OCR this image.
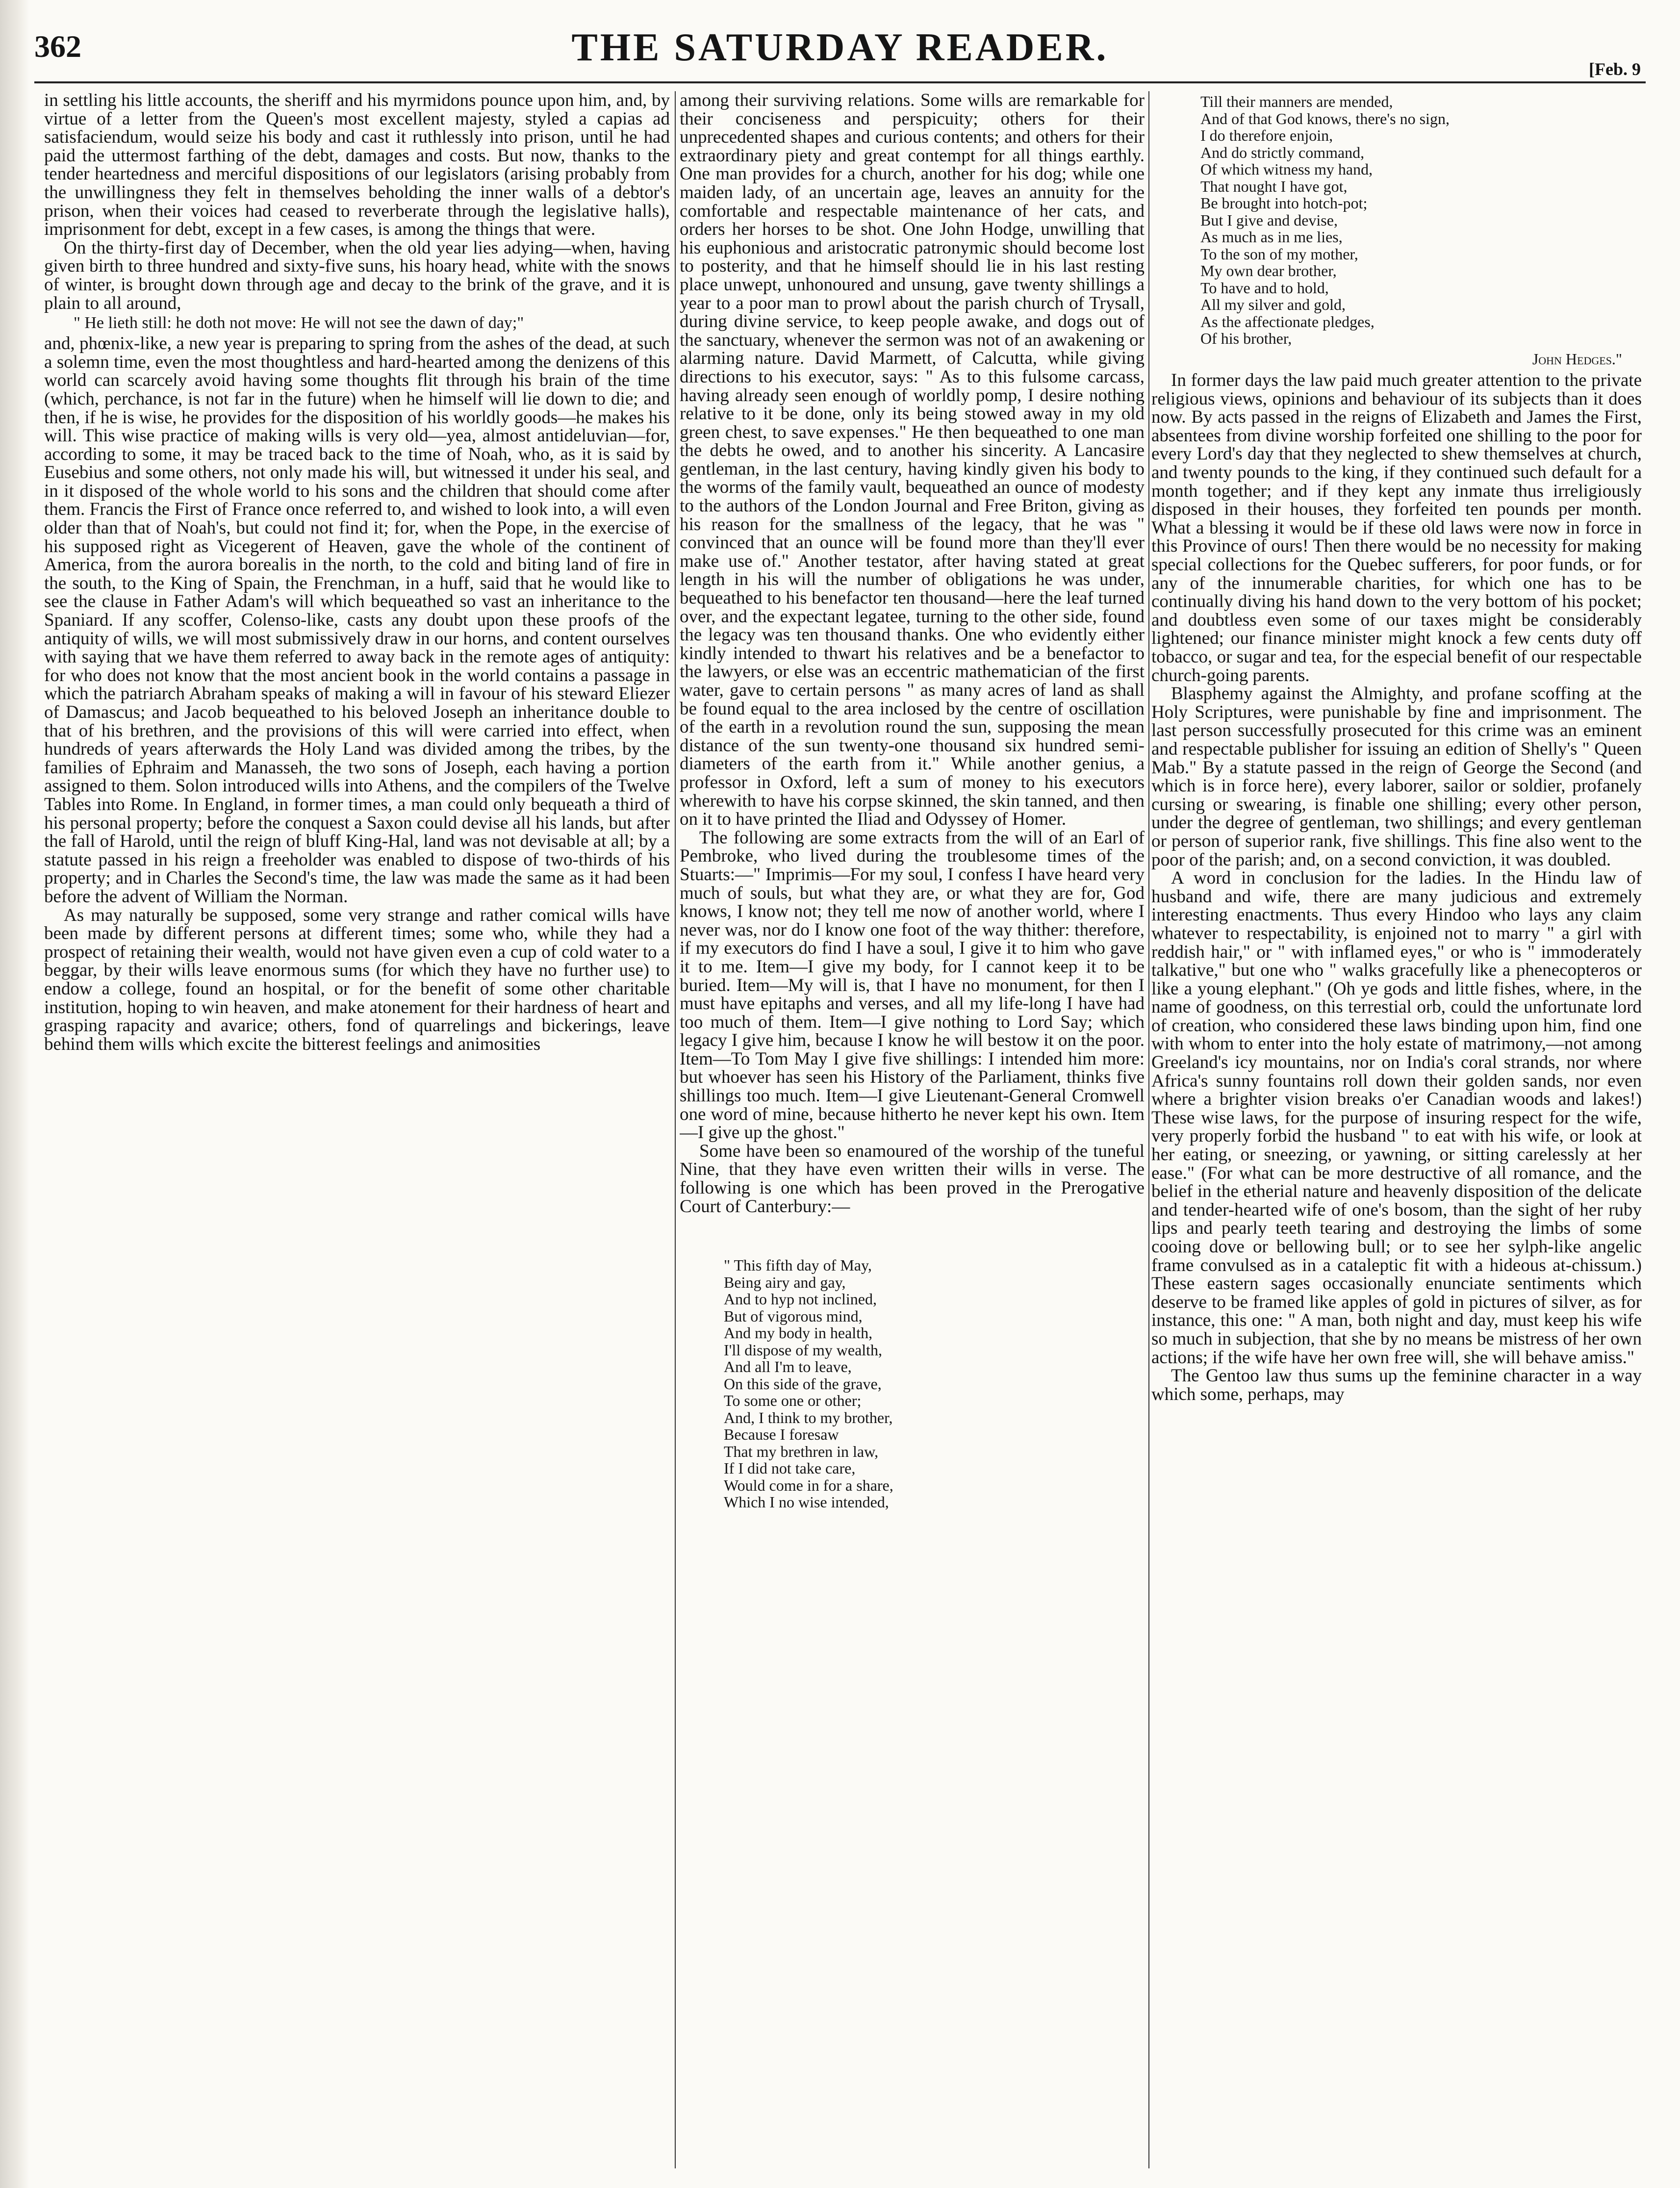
362	THE SATURDAY READER.	[Feb. 9

in settling his little accounts, the sheriff and his myrmidons pounce upon him, and, by virtue of a letter from the Queen's most excellent majesty, styled a capias ad satisfaciendum, would seize his body and cast it ruthlessly into prison, until he had paid the uttermost farthing of the debt, damages and costs. But now, thanks to the tender heartedness and merciful dispositions of our legislators (arising probably from the unwillingness they felt in themselves beholding the inner walls of a debtor's prison, when their voices had ceased to reverberate through the legislative halls), imprisonment for debt, except in a few cases, is among the things that were.

On the thirty-first day of December, when the old year lies adying—when, having given birth to three hundred and sixty-five suns, his hoary head, white with the snows of winter, is brought down through age and decay to the brink of the grave, and it is plain to all around,

" He lieth still: he doth not move: He will not see the dawn of day;"

and, phœnix-like, a new year is preparing to spring from the ashes of the dead, at such a solemn time, even the most thoughtless and hard-hearted among the denizens of this world can scarcely avoid having some thoughts flit through his brain of the time (which, perchance, is not far in the future) when he himself will lie down to die; and then, if he is wise, he provides for the disposition of his worldly goods—he makes his will. This wise practice of making wills is very old—yea, almost antideluvian—for, according to some, it may be traced back to the time of Noah, who, as it is said by Eusebius and some others, not only made his will, but witnessed it under his seal, and in it disposed of the whole world to his sons and the children that should come after them. Francis the First of France once referred to, and wished to look into, a will even older than that of Noah's, but could not find it; for, when the Pope, in the exercise of his supposed right as Vicegerent of Heaven, gave the whole of the continent of America, from the aurora borealis in the north, to the cold and biting land of fire in the south, to the King of Spain, the Frenchman, in a huff, said that he would like to see the clause in Father Adam's will which bequeathed so vast an inheritance to the Spaniard. If any scoffer, Colenso-like, casts any doubt upon these proofs of the antiquity of wills, we will most submissively draw in our horns, and content ourselves with saying that we have them referred to away back in the remote ages of antiquity: for who does not know that the most ancient book in the world contains a passage in which the patriarch Abraham speaks of making a will in favour of his steward Eliezer of Damascus; and Jacob bequeathed to his beloved Joseph an inheritance double to that of his brethren, and the provisions of this will were carried into effect, when hundreds of years afterwards the Holy Land was divided among the tribes, by the families of Ephraim and Manasseh, the two sons of Joseph, each having a portion assigned to them. Solon introduced wills into Athens, and the compilers of the Twelve Tables into Rome. In England, in former times, a man could only bequeath a third of his personal property; before the conquest a Saxon could devise all his lands, but after the fall of Harold, until the reign of bluff King-Hal, land was not devisable at all; by a statute passed in his reign a freeholder was enabled to dispose of two-thirds of his property; and in Charles the Second's time, the law was made the same as it had been before the advent of William the Norman.

As may naturally be supposed, some very strange and rather comical wills have been made by different persons at different times; some who, while they had a prospect of retaining their wealth, would not have given even a cup of cold water to a beggar, by their wills leave enormous sums (for which they have no further use) to endow a college, found an hospital, or for the benefit of some other charitable institution, hoping to win heaven, and make atonement for their hardness of heart and grasping rapacity and avarice; others, fond of quarrelings and bickerings, leave behind them wills which excite the bitterest feelings and animosities

among their surviving relations. Some wills are remarkable for their conciseness and perspicuity; others for their unprecedented shapes and curious contents; and others for their extraordinary piety and great contempt for all things earthly. One man provides for a church, another for his dog; while one maiden lady, of an uncertain age, leaves an annuity for the comfortable and respectable maintenance of her cats, and orders her horses to be shot. One John Hodge, unwilling that his euphonious and aristocratic patronymic should become lost to posterity, and that he himself should lie in his last resting place unwept, unhonoured and unsung, gave twenty shillings a year to a poor man to prowl about the parish church of Trysall, during divine service, to keep people awake, and dogs out of the sanctuary, whenever the sermon was not of an awakening or alarming nature. David Marmett, of Calcutta, while giving directions to his executor, says: " As to this fulsome carcass, having already seen enough of worldly pomp, I desire nothing relative to it be done, only its being stowed away in my old green chest, to save expenses." He then bequeathed to one man the debts he owed, and to another his sincerity. A Lancasire gentleman, in the last century, having kindly given his body to the worms of the family vault, bequeathed an ounce of modesty to the authors of the London Journal and Free Briton, giving as his reason for the smallness of the legacy, that he was " convinced that an ounce will be found more than they'll ever make use of." Another testator, after having stated at great length in his will the number of obligations he was under, bequeathed to his benefactor ten thousand—here the leaf turned over, and the expectant legatee, turning to the other side, found the legacy was ten thousand thanks. One who evidently either kindly intended to thwart his relatives and be a benefactor to the lawyers, or else was an eccentric mathematician of the first water, gave to certain persons " as many acres of land as shall be found equal to the area inclosed by the centre of oscillation of the earth in a revolution round the sun, supposing the mean distance of the sun twenty-one thousand six hundred semi-diameters of the earth from it." While another genius, a professor in Oxford, left a sum of money to his executors wherewith to have his corpse skinned, the skin tanned, and then on it to have printed the Iliad and Odyssey of Homer.

The following are some extracts from the will of an Earl of Pembroke, who lived during the troublesome times of the Stuarts:—" Imprimis—For my soul, I confess I have heard very much of souls, but what they are, or what they are for, God knows, I know not; they tell me now of another world, where I never was, nor do I know one foot of the way thither: therefore, if my executors do find I have a soul, I give it to him who gave it to me. Item—I give my body, for I cannot keep it to be buried. Item—My will is, that I have no monument, for then I must have epitaphs and verses, and all my life-long I have had too much of them. Item—I give nothing to Lord Say; which legacy I give him, because I know he will bestow it on the poor. Item—To Tom May I give five shillings: I intended him more: but whoever has seen his History of the Parliament, thinks five shillings too much. Item—I give Lieutenant-General Cromwell one word of mine, because hitherto he never kept his own. Item—I give up the ghost."

Some have been so enamoured of the worship of the tuneful Nine, that they have even written their wills in verse. The following is one which has been proved in the Prerogative Court of Canterbury:—

" This fifth day of May,
Being airy and gay,
And to hyp not inclined,
But of vigorous mind,
And my body in health,
I'll dispose of my wealth,
And all I'm to leave,
On this side of the grave,
To some one or other;
And, I think to my brother,
Because I foresaw
That my brethren in law,
If I did not take care,
Would come in for a share,
Which I no wise intended,
Till their manners are mended,
And of that God knows, there's no sign,
I do therefore enjoin,
And do strictly command,
Of which witness my hand,
That nought I have got,
Be brought into hotch-pot;
But I give and devise,
As much as in me lies,
To the son of my mother,
My own dear brother,
To have and to hold,
All my silver and gold,
As the affectionate pledges,
Of his brother,
John Hedges."

In former days the law paid much greater attention to the private religious views, opinions and behaviour of its subjects than it does now. By acts passed in the reigns of Elizabeth and James the First, absentees from divine worship forfeited one shilling to the poor for every Lord's day that they neglected to shew themselves at church, and twenty pounds to the king, if they continued such default for a month together; and if they kept any inmate thus irreligiously disposed in their houses, they forfeited ten pounds per month. What a blessing it would be if these old laws were now in force in this Province of ours! Then there would be no necessity for making special collections for the Quebec sufferers, for poor funds, or for any of the innumerable charities, for which one has to be continually diving his hand down to the very bottom of his pocket; and doubtless even some of our taxes might be considerably lightened; our finance minister might knock a few cents duty off tobacco, or sugar and tea, for the especial benefit of our respectable church-going parents.

Blasphemy against the Almighty, and profane scoffing at the Holy Scriptures, were punishable by fine and imprisonment. The last person successfully prosecuted for this crime was an eminent and respectable publisher for issuing an edition of Shelly's " Queen Mab." By a statute passed in the reign of George the Second (and which is in force here), every laborer, sailor or soldier, profanely cursing or swearing, is finable one shilling; every other person, under the degree of gentleman, two shillings; and every gentleman or person of superior rank, five shillings. This fine also went to the poor of the parish; and, on a second conviction, it was doubled.

A word in conclusion for the ladies. In the Hindu law of husband and wife, there are many judicious and extremely interesting enactments. Thus every Hindoo who lays any claim whatever to respectability, is enjoined not to marry " a girl with reddish hair," or " with inflamed eyes," or who is " immoderately talkative," but one who " walks gracefully like a phenecopteros or like a young elephant." (Oh ye gods and little fishes, where, in the name of goodness, on this terrestial orb, could the unfortunate lord of creation, who considered these laws binding upon him, find one with whom to enter into the holy estate of matrimony,—not among Greeland's icy mountains, nor on India's coral strands, nor where Africa's sunny fountains roll down their golden sands, nor even where a brighter vision breaks o'er Canadian woods and lakes!) These wise laws, for the purpose of insuring respect for the wife, very properly forbid the husband " to eat with his wife, or look at her eating, or sneezing, or yawning, or sitting carelessly at her ease." (For what can be more destructive of all romance, and the belief in the etherial nature and heavenly disposition of the delicate and tender-hearted wife of one's bosom, than the sight of her ruby lips and pearly teeth tearing and destroying the limbs of some cooing dove or bellowing bull; or to see her sylph-like angelic frame convulsed as in a cataleptic fit with a hideous at-chissum.) These eastern sages occasionally enunciate sentiments which deserve to be framed like apples of gold in pictures of silver, as for instance, this one: " A man, both night and day, must keep his wife so much in subjection, that she by no means be mistress of her own actions; if the wife have her own free will, she will behave amiss."

The Gentoo law thus sums up the feminine character in a way which some, perhaps, may
